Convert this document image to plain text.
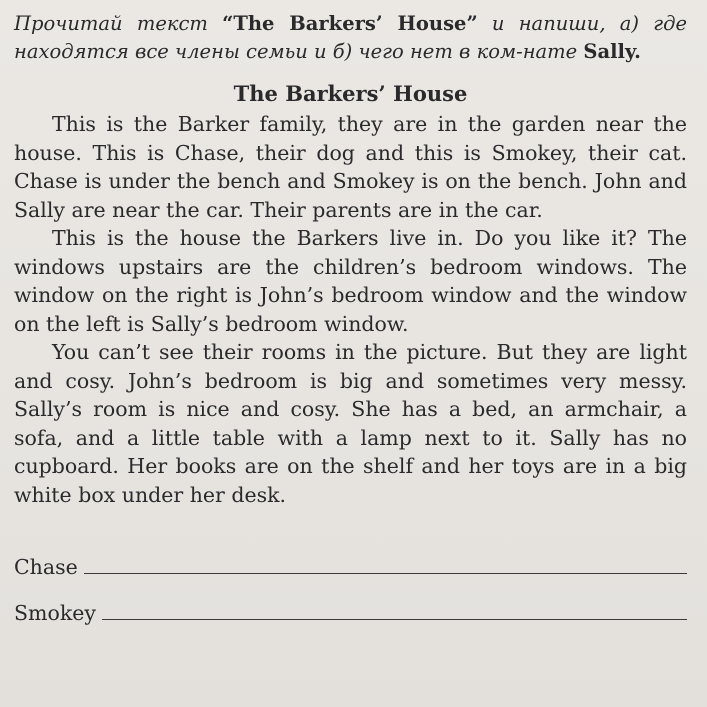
Прочитай текст “The Barkers’ House” и напиши, а) где находятся все члены семьи и б) чего нет в ком-нате Sally.

The Barkers’ House

This is the Barker family, they are in the garden near the house. This is Chase, their dog and this is Smokey, their cat. Chase is under the bench and Smokey is on the bench. John and Sally are near the car. Their parents are in the car.

This is the house the Barkers live in. Do you like it? The windows upstairs are the children’s bedroom windows. The window on the right is John’s bedroom window and the window on the left is Sally’s bedroom window.

You can’t see their rooms in the picture. But they are light and cosy. John’s bedroom is big and sometimes very messy. Sally’s room is nice and cosy. She has a bed, an armchair, a sofa, and a little table with a lamp next to it. Sally has no cupboard. Her books are on the shelf and her toys are in a big white box under her desk.

Chase
Smokey
